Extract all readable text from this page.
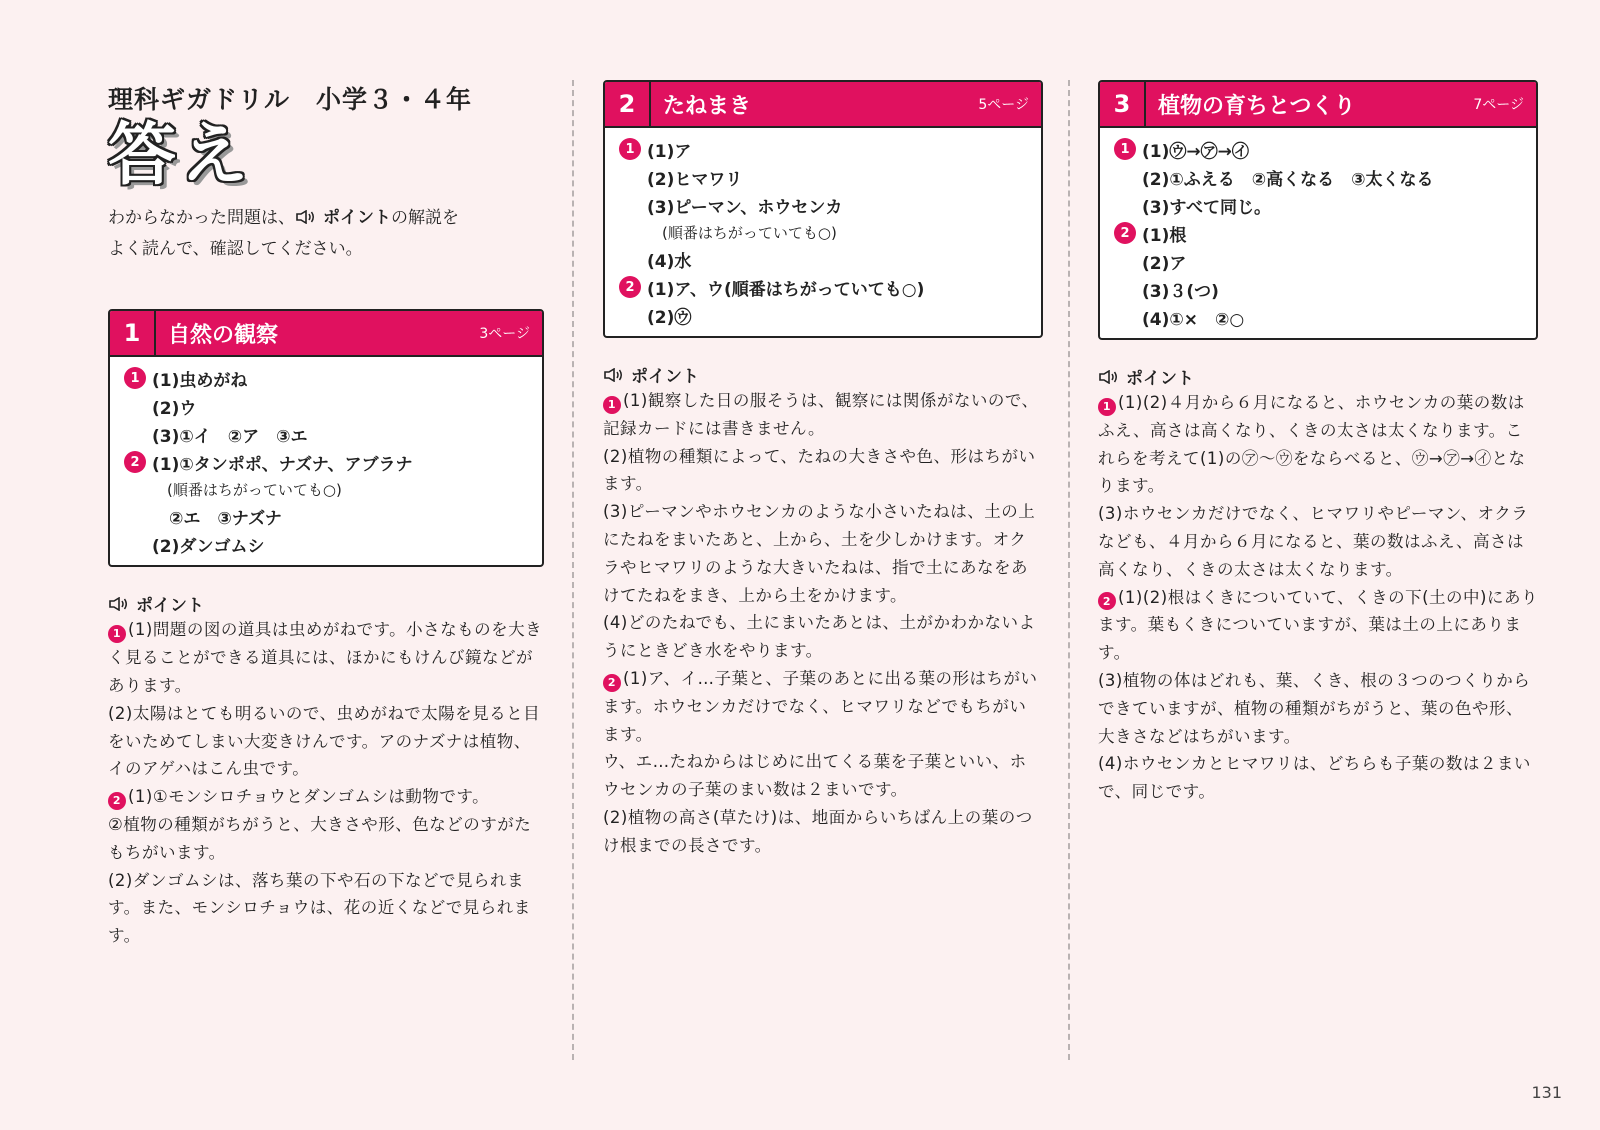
理科ギガドリル　小学３・４年
答え
わからなかった問題は、 ポイントの解説を
よく読んで、確認してください。
1	自然の観察	3ページ
1 (1)虫めがね
(2)ウ
(3)①イ　②ア　③エ
2 (1)①タンポポ、ナズナ、アブラナ
　(順番はちがっていても○)
　②エ　③ナズナ
(2)ダンゴムシ
ポイント

1 (1)問題の図の道具は虫めがねです。小さなものを大きく見ることができる道具には、ほかにもけんび鏡などがあります。

(2)太陽はとても明るいので、虫めがねで太陽を見ると目をいためてしまい大変きけんです。アのナズナは植物、イのアゲハはこん虫です。

2 (1)①モンシロチョウとダンゴムシは動物です。

②植物の種類がちがうと、大きさや形、色などのすがたもちがいます。

(2)ダンゴムシは、落ち葉の下や石の下などで見られます。また、モンシロチョウは、花の近くなどで見られます。

2	たねまき	5ページ
1 (1)ア
(2)ヒマワリ
(3)ピーマン、ホウセンカ
　(順番はちがっていても○)
(4)水
2 (1)ア、ウ(順番はちがっていても○)
(2)㋒
ポイント

1 (1)観察した日の服そうは、観察には関係がないので、記録カードには書きません。

(2)植物の種類によって、たねの大きさや色、形はちがいます。

(3)ピーマンやホウセンカのような小さいたねは、土の上にたねをまいたあと、上から、土を少しかけます。オクラやヒマワリのような大きいたねは、指で土にあなをあけてたねをまき、上から土をかけます。

(4)どのたねでも、土にまいたあとは、土がかわかないようにときどき水をやります。

2 (1)ア、イ…子葉と、子葉のあとに出る葉の形はちがいます。ホウセンカだけでなく、ヒマワリなどでもちがいます。

ウ、エ…たねからはじめに出てくる葉を子葉といい、ホウセンカの子葉のまい数は２まいです。

(2)植物の高さ(草たけ)は、地面からいちばん上の葉のつけ根までの長さです。

3	植物の育ちとつくり	7ページ
1 (1)㋒→㋐→㋑
(2)①ふえる　②高くなる　③太くなる
(3)すべて同じ。
2 (1)根
(2)ア
(3)３(つ)
(4)①×　②○
ポイント

1 (1)(2)４月から６月になると、ホウセンカの葉の数はふえ、高さは高くなり、くきの太さは太くなります。これらを考えて(1)の㋐〜㋒をならべると、㋒→㋐→㋑となります。

(3)ホウセンカだけでなく、ヒマワリやピーマン、オクラなども、４月から６月になると、葉の数はふえ、高さは高くなり、くきの太さは太くなります。

2 (1)(2)根はくきについていて、くきの下(土の中)にあります。葉もくきについていますが、葉は土の上にあります。

(3)植物の体はどれも、葉、くき、根の３つのつくりからできていますが、植物の種類がちがうと、葉の色や形、大きさなどはちがいます。

(4)ホウセンカとヒマワリは、どちらも子葉の数は２まいで、同じです。

131
